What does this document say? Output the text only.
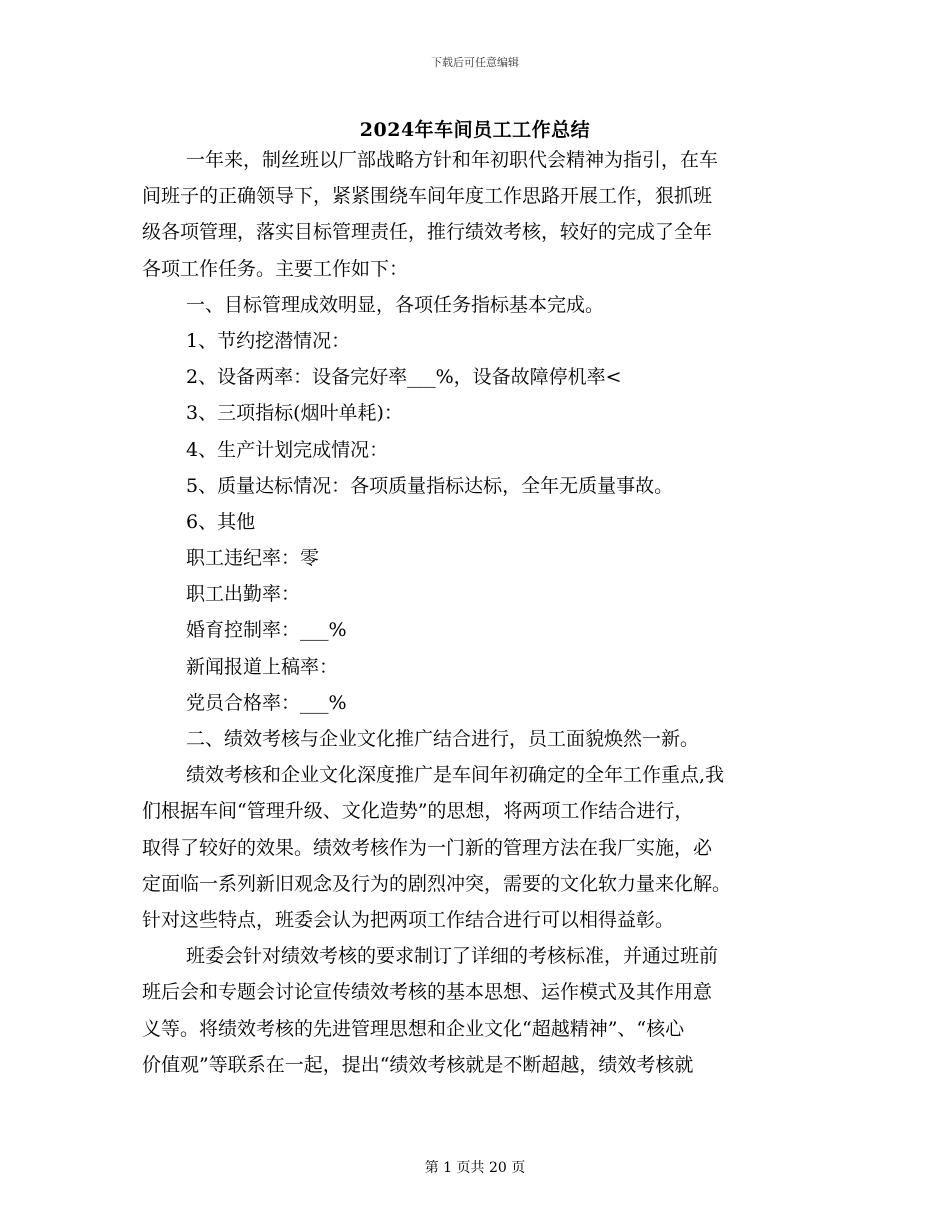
下载后可任意编辑
2024年车间员工工作总结
一年来，制丝班以厂部战略方针和年初职代会精神为指引，在车
间班子的正确领导下，紧紧围绕车间年度工作思路开展工作，狠抓班
级各项管理，落实目标管理责任，推行绩效考核，较好的完成了全年
各项工作任务。主要工作如下：
一、目标管理成效明显，各项任务指标基本完成。
1、节约挖潜情况：
2、设备两率：设备完好率___%，设备故障停机率<
3、三项指标(烟叶单耗)：
4、生产计划完成情况：
5、质量达标情况：各项质量指标达标，全年无质量事故。
6、其他
职工违纪率：零
职工出勤率：
婚育控制率：___%
新闻报道上稿率：
党员合格率：___%
二、绩效考核与企业文化推广结合进行，员工面貌焕然一新。
绩效考核和企业文化深度推广是车间年初确定的全年工作重点,我
们根据车间“管理升级、文化造势”的思想，将两项工作结合进行，
取得了较好的效果。绩效考核作为一门新的管理方法在我厂实施，必
定面临一系列新旧观念及行为的剧烈冲突，需要的文化软力量来化解。
针对这些特点，班委会认为把两项工作结合进行可以相得益彰。
班委会针对绩效考核的要求制订了详细的考核标准，并通过班前
班后会和专题会讨论宣传绩效考核的基本思想、运作模式及其作用意
义等。将绩效考核的先进管理思想和企业文化“超越精神”、“核心
价值观”等联系在一起，提出“绩效考核就是不断超越，绩效考核就
第 1 页共 20 页
